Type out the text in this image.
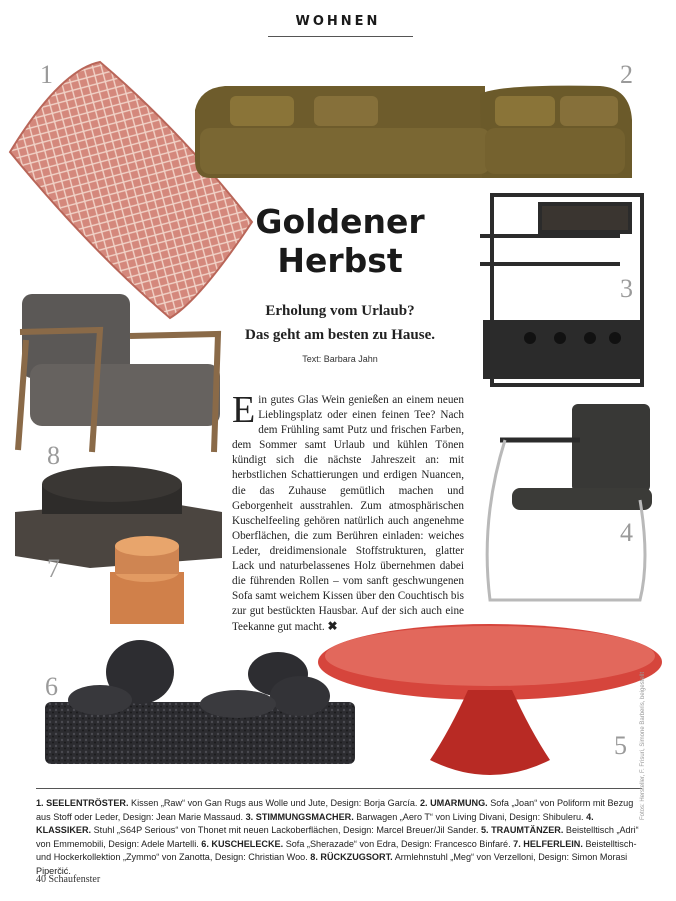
WOHNEN
1	2
3
4
5
6
7
8
Goldener
Herbst
Erholung vom Urlaub?
Das geht am besten zu Hause.
Text: Barbara Jahn
Ein gutes Glas Wein genießen an einem neuen Lieblingsplatz oder einen feinen Tee? Nach dem Frühling samt Putz und frischen Farben, dem Sommer samt Urlaub und kühlen Tönen kündigt sich die nächste Jahreszeit an: mit herbstlichen Schattierungen und erdigen Nuancen, die das Zuhause gemütlich machen und Geborgenheit ausstrahlen. Zum atmosphärischen Kuschelfeeling gehören natürlich auch angenehme Oberflächen, die zum Berühren einladen: weiches Leder, dreidimensionale Stoffstrukturen, glatter Lack und naturbelassenes Holz übernehmen dabei die führenden Rollen – vom sanft geschwungenen Sofa samt weichem Kissen über den Couchtisch bis zur gut bestückten Hausbar. Auf der sich auch eine Teekanne gut macht. ✖
1. SEELENTRÖSTER. Kissen „Raw“ von Gan Rugs aus Wolle und Jute, Design: Borja García. 2. UMARMUNG. Sofa „Joan“ von Poliform mit Bezug aus Stoff oder Leder, Design: Jean Marie Massaud. 3. STIMMUNGSMACHER. Barwagen „Aero T“ von Living Divani, Design: Shibuleru. 4. KLASSIKER. Stuhl „S64P Serious“ von Thonet mit neuen Lackoberflächen, Design: Marcel Breuer/Jil Sander. 5. TRAUMTÄNZER. Beistelltisch „Adri“ von Emmemobili, Design: Adele Martelli. 6. KUSCHELECKE. Sofa „Sherazade“ von Edra, Design: Francesco Binfaré. 7. HELFERLEIN. Beistelltisch- und Hockerkollektion „Zymmo“ von Zanotta, Design: Christian Woo. 8. RÜCKZUGSORT. Armlehnstuhl „Meg“ von Verzelloni, Design: Simon Morasi Piperčić.
Fotos: Hersteller, F. Frisuri, Simone Barberis, beigestellt
40 Schaufenster
